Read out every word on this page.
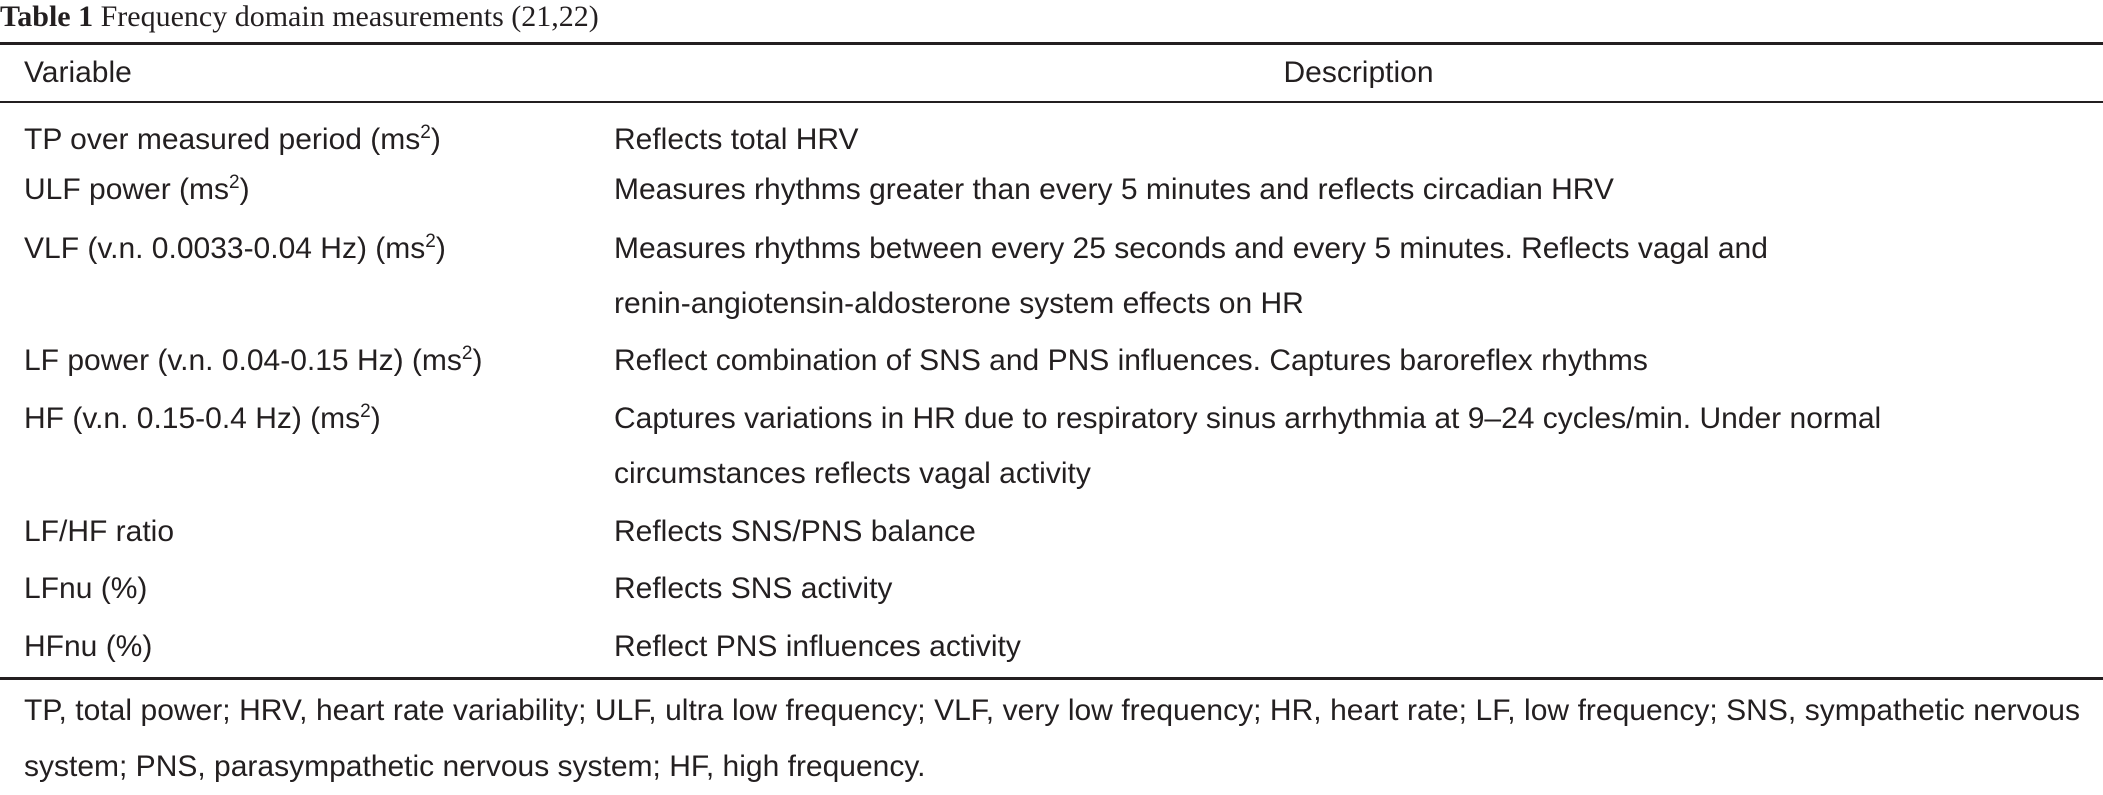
Table 1 Frequency domain measurements (21,22)
Variable	Description
TP over measured period $(ms^2)$	Reflects total HRV
ULF power $(ms^2)$	Measures rhythms greater than every 5 minutes and reflects circadian HRV
VLF (v.n. 0.0033-0.04 Hz) $(ms^2)$	Measures rhythms between every 25 seconds and every 5 minutes. Reflects vagal and
renin-angiotensin-aldosterone system effects on HR
LF power (v.n. 0.04-0.15 Hz) $(ms^2)$	Reflect combination of SNS and PNS influences. Captures baroreflex rhythms
HF (v.n. 0.15-0.4 Hz) $(ms^2)$	Captures variations in HR due to respiratory sinus arrhythmia at 9–24 cycles/min. Under normal
circumstances reflects vagal activity
LF/HF ratio	Reflects SNS/PNS balance
LFnu (%)	Reflects SNS activity
HFnu (%)	Reflect PNS influences activity
TP, total power; HRV, heart rate variability; ULF, ultra low frequency; VLF, very low frequency; HR, heart rate; LF, low frequency; SNS, sympathetic nervous system; PNS, parasympathetic nervous system; HF, high frequency.
